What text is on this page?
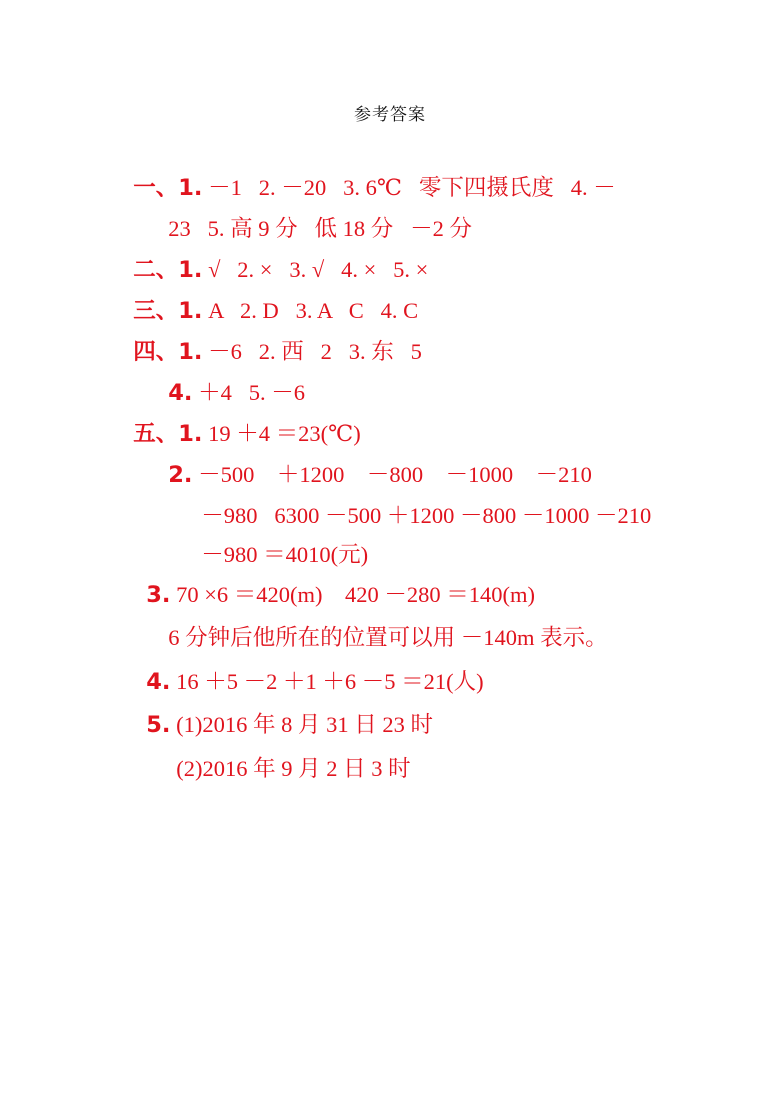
参考答案

一、1. －1   2. －20   3. 6℃   零下四摄氏度   4. －

23   5. 高 9 分   低 18 分   －2 分

二、1. √   2. ×   3. √   4. ×   5. ×

三、1. A   2. D   3. A   C   4. C

四、1. －6   2. 西   2   3. 东   5

4. ＋4   5. －6

五、1. 19 ＋4 ＝23(℃)

2. －500    ＋1200    －800    －1000    －210

－980   6300 －500 ＋1200 －800 －1000 －210

－980 ＝4010(元)

3. 70 ×6 ＝420(m)    420 －280 ＝140(m)

6 分钟后他所在的位置可以用 －140m 表示。

4. 16 ＋5 －2 ＋1 ＋6 －5 ＝21(人)

5. (1)2016 年 8 月 31 日 23 时

(2)2016 年 9 月 2 日 3 时
